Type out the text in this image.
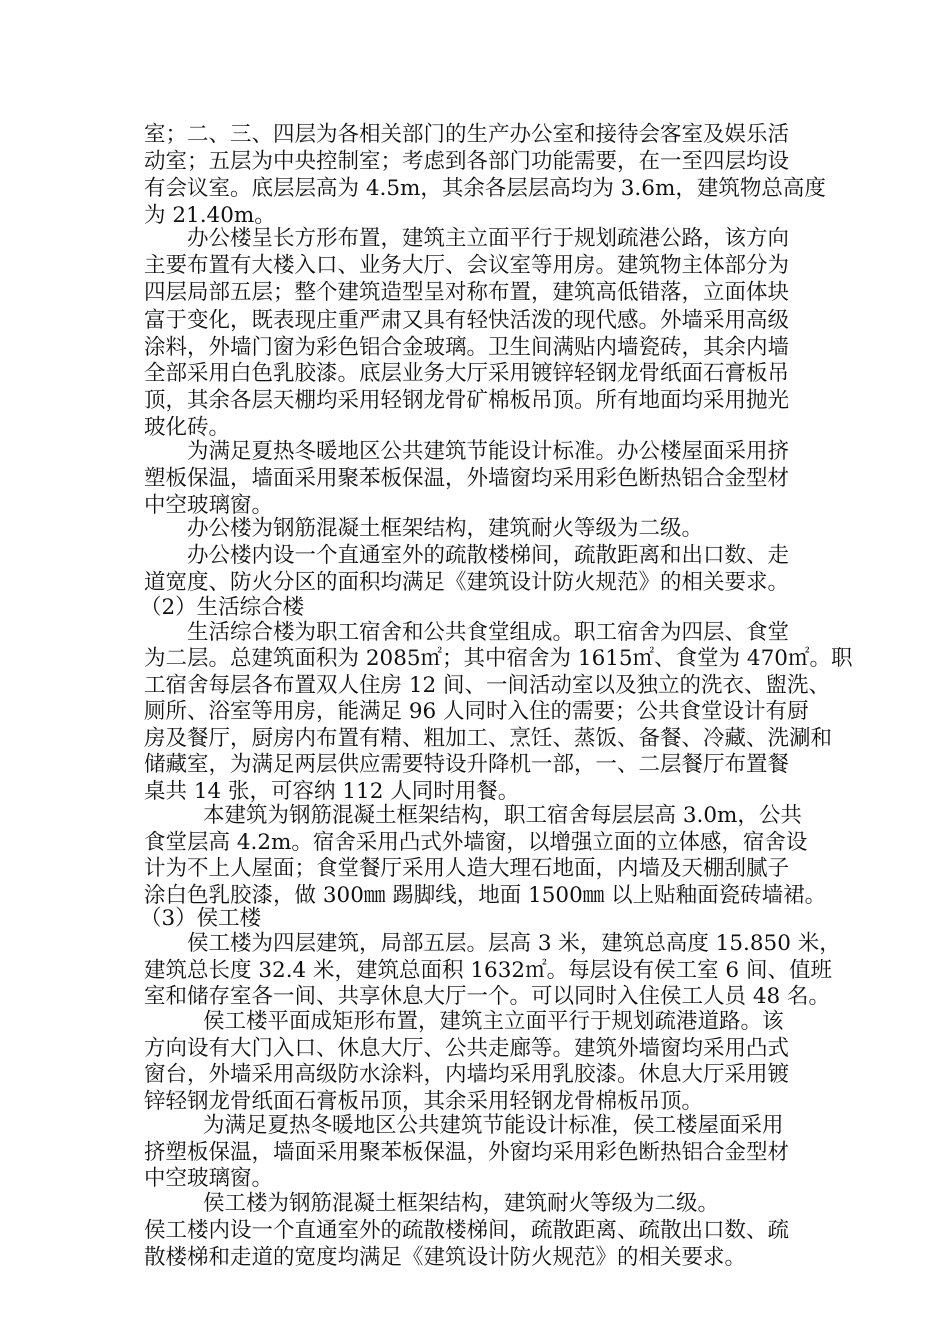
室；二、三、四层为各相关部门的生产办公室和接待会客室及娱乐活
动室；五层为中央控制室；考虑到各部门功能需要，在一至四层均设
有会议室。底层层高为 4.5m，其余各层层高均为 3.6m，建筑物总高度
为 21.40m。
办公楼呈长方形布置，建筑主立面平行于规划疏港公路，该方向
主要布置有大楼入口、业务大厅、会议室等用房。建筑物主体部分为
四层局部五层；整个建筑造型呈对称布置，建筑高低错落，立面体块
富于变化，既表现庄重严肃又具有轻快活泼的现代感。外墙采用高级
涂料，外墙门窗为彩色铝合金玻璃。卫生间满贴内墙瓷砖，其余内墙
全部采用白色乳胶漆。底层业务大厅采用镀锌轻钢龙骨纸面石膏板吊
顶，其余各层天棚均采用轻钢龙骨矿棉板吊顶。所有地面均采用抛光
玻化砖。
为满足夏热冬暖地区公共建筑节能设计标准。办公楼屋面采用挤
塑板保温，墙面采用聚苯板保温，外墙窗均采用彩色断热铝合金型材
中空玻璃窗。
办公楼为钢筋混凝土框架结构，建筑耐火等级为二级。
办公楼内设一个直通室外的疏散楼梯间，疏散距离和出口数、走
道宽度、防火分区的面积均满足《建筑设计防火规范》的相关要求。
（2）生活综合楼
生活综合楼为职工宿舍和公共食堂组成。职工宿舍为四层、食堂
为二层。总建筑面积为 2085㎡；其中宿舍为 1615㎡、食堂为 470㎡。职
工宿舍每层各布置双人住房 12 间、一间活动室以及独立的洗衣、盥洗、
厕所、浴室等用房，能满足 96 人同时入住的需要；公共食堂设计有厨
房及餐厅，厨房内布置有精、粗加工、烹饪、蒸饭、备餐、冷藏、洗涮和
储藏室，为满足两层供应需要特设升降机一部，一、二层餐厅布置餐
桌共 14 张，可容纳 112 人同时用餐。
本建筑为钢筋混凝土框架结构，职工宿舍每层层高 3.0m，公共
食堂层高 4.2m。宿舍采用凸式外墙窗，以增强立面的立体感，宿舍设
计为不上人屋面；食堂餐厅采用人造大理石地面，内墙及天棚刮腻子
涂白色乳胶漆，做 300㎜ 踢脚线，地面 1500㎜ 以上贴釉面瓷砖墙裙。
（3）侯工楼
侯工楼为四层建筑，局部五层。层高 3 米，建筑总高度 15.850 米，
建筑总长度 32.4 米，建筑总面积 1632㎡。每层设有侯工室 6 间、值班
室和储存室各一间、共享休息大厅一个。可以同时入住侯工人员 48 名。
侯工楼平面成矩形布置，建筑主立面平行于规划疏港道路。该
方向设有大门入口、休息大厅、公共走廊等。建筑外墙窗均采用凸式
窗台，外墙采用高级防水涂料，内墙均采用乳胶漆。休息大厅采用镀
锌轻钢龙骨纸面石膏板吊顶，其余采用轻钢龙骨棉板吊顶。
为满足夏热冬暖地区公共建筑节能设计标准，侯工楼屋面采用
挤塑板保温，墙面采用聚苯板保温，外窗均采用彩色断热铝合金型材
中空玻璃窗。
侯工楼为钢筋混凝土框架结构，建筑耐火等级为二级。
侯工楼内设一个直通室外的疏散楼梯间，疏散距离、疏散出口数、疏
散楼梯和走道的宽度均满足《建筑设计防火规范》的相关要求。
